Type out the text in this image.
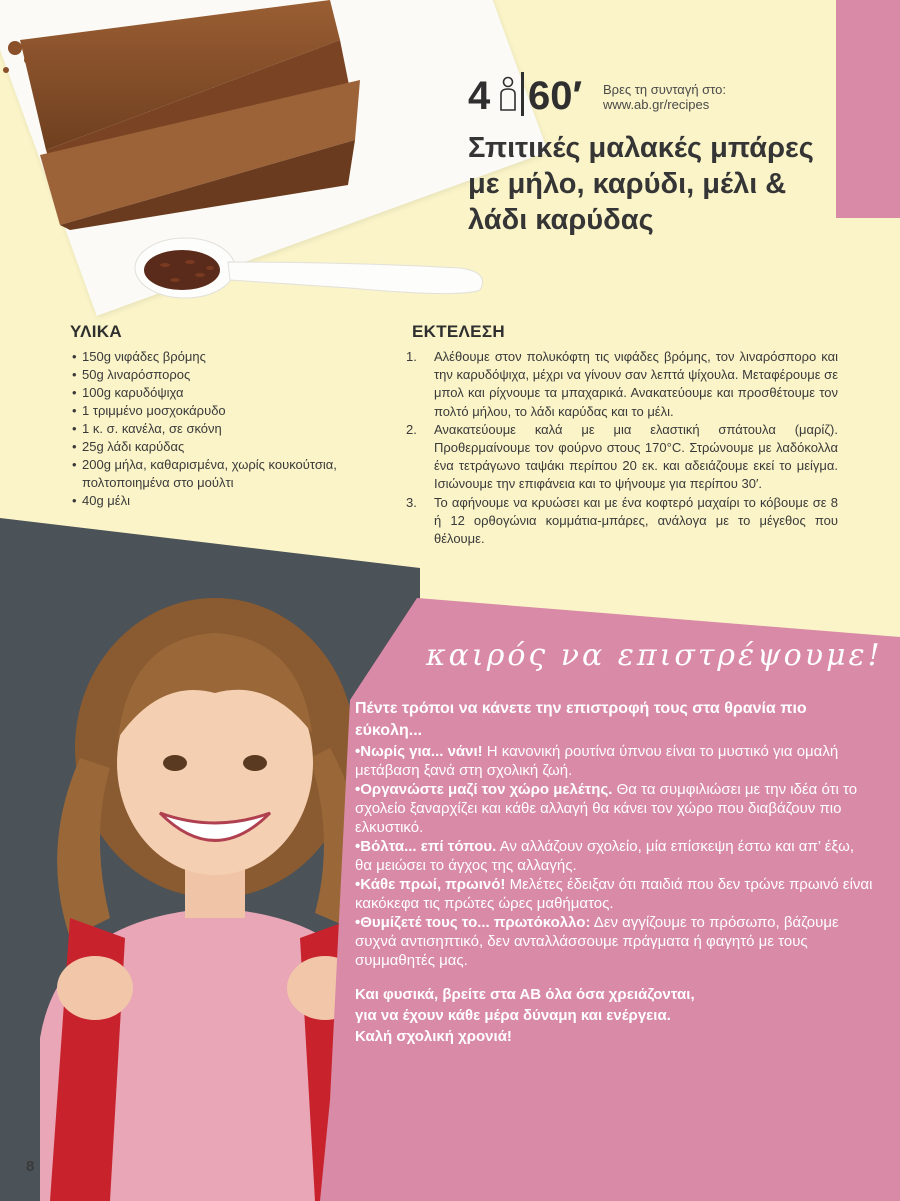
4 60′ Βρες τη συνταγή στο:
www.ab.gr/recipes
Σπιτικές μαλακές μπάρες
με μήλο, καρύδι, μέλι &
λάδι καρύδας
ΥΛΙΚΑ
• 150g νιφάδες βρόμης
• 50g λιναρόσπορος
• 100g καρυδόψιχα
• 1 τριμμένο μοσχοκάρυδο
• 1 κ. σ. κανέλα, σε σκόνη
• 25g λάδι καρύδας
• 200g μήλα, καθαρισμένα, χωρίς κουκούτσια, πολτοποιημένα στο μούλτι
• 40g μέλι
ΕΚΤΕΛΕΣΗ
1. Αλέθουμε στον πολυκόφτη τις νιφάδες βρόμης, τον λιναρόσπορο και την καρυδόψιχα, μέχρι να γίνουν σαν λεπτά ψίχουλα. Μεταφέρουμε σε μπολ και ρίχνουμε τα μπαχαρικά. Ανακατεύουμε και προσθέτουμε τον πολτό μήλου, το λάδι καρύδας και το μέλι.
2. Ανακατεύουμε καλά με μια ελαστική σπάτουλα (μαρίζ). Προθερμαίνουμε τον φούρνο στους 170°C. Στρώνουμε με λαδόκολλα ένα τετράγωνο ταψάκι περίπου 20 εκ. και αδειάζουμε εκεί το μείγμα. Ισιώνουμε την επιφάνεια και το ψήνουμε για περίπου 30′.
3. Το αφήνουμε να κρυώσει και με ένα κοφτερό μαχαίρι το κόβουμε σε 8 ή 12 ορθογώνια κομμάτια-μπάρες, ανάλογα με το μέγεθος που θέλουμε.
καιρός να επιστρέψουμε!

Πέντε τρόποι να κάνετε την επιστροφή τους στα θρανία πιο εύκολη...

•Νωρίς για... νάνι! Η κανονική ρουτίνα ύπνου είναι το μυστικό για ομαλή μετάβαση ξανά στη σχολική ζωή.

•Οργανώστε μαζί τον χώρο μελέτης. Θα τα συμφιλιώσει με την ιδέα ότι το σχολείο ξαναρχίζει και κάθε αλλαγή θα κάνει τον χώρο που διαβάζουν πιο ελκυστικό.

•Βόλτα... επί τόπου. Αν αλλάζουν σχολείο, μία επίσκεψη έστω και απ’ έξω, θα μειώσει το άγχος της αλλαγής.

•Κάθε πρωί, πρωινό! Μελέτες έδειξαν ότι παιδιά που δεν τρώνε πρωινό είναι κακόκεφα τις πρώτες ώρες μαθήματος.

•Θυμίζετέ τους το... πρωτόκολλο: Δεν αγγίζουμε το πρόσωπο, βάζουμε συχνά αντισηπτικό, δεν ανταλλάσσουμε πράγματα ή φαγητό με τους συμμαθητές μας.

Και φυσικά, βρείτε στα ΑΒ όλα όσα χρειάζονται,
για να έχουν κάθε μέρα δύναμη και ενέργεια.
Καλή σχολική χρονιά!
8
